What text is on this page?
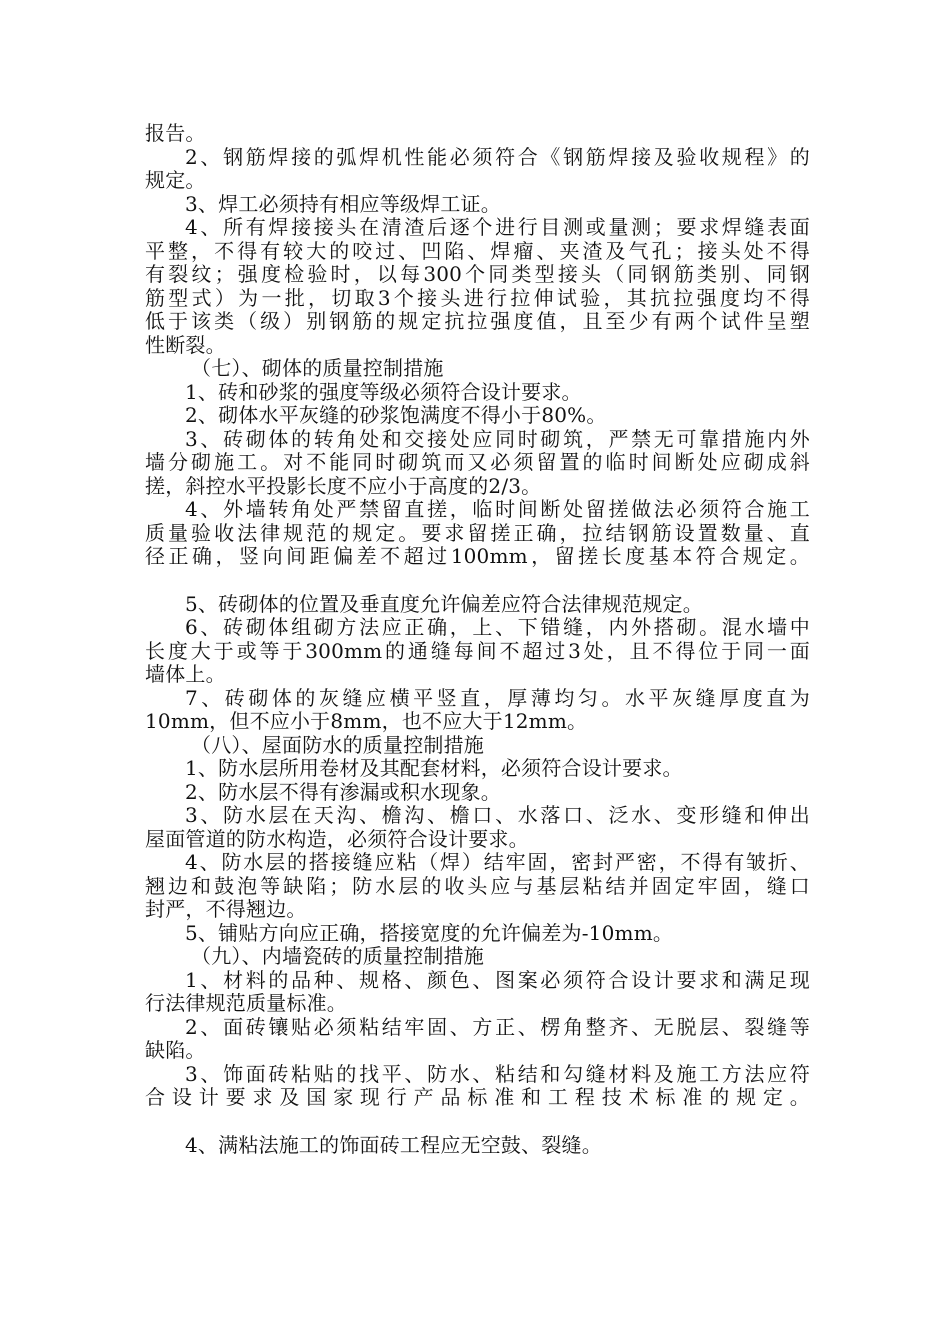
报告。
2、钢筋焊接的弧焊机性能必须符合《钢筋焊接及验收规程》的
规定。
3、焊工必须持有相应等级焊工证。
4、所有焊接接头在清渣后逐个进行目测或量测；要求焊缝表面
平整，不得有较大的咬过、凹陷、焊瘤、夹渣及气孔；接头处不得
有裂纹；强度检验时，以每300个同类型接头（同钢筋类别、同钢
筋型式）为一批，切取3个接头进行拉伸试验，其抗拉强度均不得
低于该类（级）别钢筋的规定抗拉强度值，且至少有两个试件呈塑
性断裂。
（七）、砌体的质量控制措施
1、砖和砂浆的强度等级必须符合设计要求。
2、砌体水平灰缝的砂浆饱满度不得小于80%。
3、砖砌体的转角处和交接处应同时砌筑，严禁无可靠措施内外
墙分砌施工。对不能同时砌筑而又必须留置的临时间断处应砌成斜
搓，斜控水平投影长度不应小于高度的2/3。
4、外墙转角处严禁留直搓，临时间断处留搓做法必须符合施工
质量验收法律规范的规定。要求留搓正确，拉结钢筋设置数量、直
径正确，竖向间距偏差不超过100mm，留搓长度基本符合规定。
5、砖砌体的位置及垂直度允许偏差应符合法律规范规定。
6、砖砌体组砌方法应正确，上、下错缝，内外搭砌。混水墙中
长度大于或等于300mm的通缝每间不超过3处，且不得位于同一面
墙体上。
7、砖砌体的灰缝应横平竖直，厚薄均匀。水平灰缝厚度直为
10mm，但不应小于8mm，也不应大于12mm。
（八）、屋面防水的质量控制措施
1、防水层所用卷材及其配套材料，必须符合设计要求。
2、防水层不得有渗漏或积水现象。
3、防水层在天沟、檐沟、檐口、水落口、泛水、变形缝和伸出
屋面管道的防水构造，必须符合设计要求。
4、防水层的搭接缝应粘（焊）结牢固，密封严密，不得有皱折、
翘边和鼓泡等缺陷；防水层的收头应与基层粘结并固定牢固，缝口
封严，不得翘边。
5、铺贴方向应正确，搭接宽度的允许偏差为-10mm。
（九）、内墙瓷砖的质量控制措施
1、材料的品种、规格、颜色、图案必须符合设计要求和满足现
行法律规范质量标准。
2、面砖镶贴必须粘结牢固、方正、楞角整齐、无脱层、裂缝等
缺陷。
3、饰面砖粘贴的找平、防水、粘结和勾缝材料及施工方法应符
合设计要求及国家现行产品标准和工程技术标准的规定。
4、满粘法施工的饰面砖工程应无空鼓、裂缝。
